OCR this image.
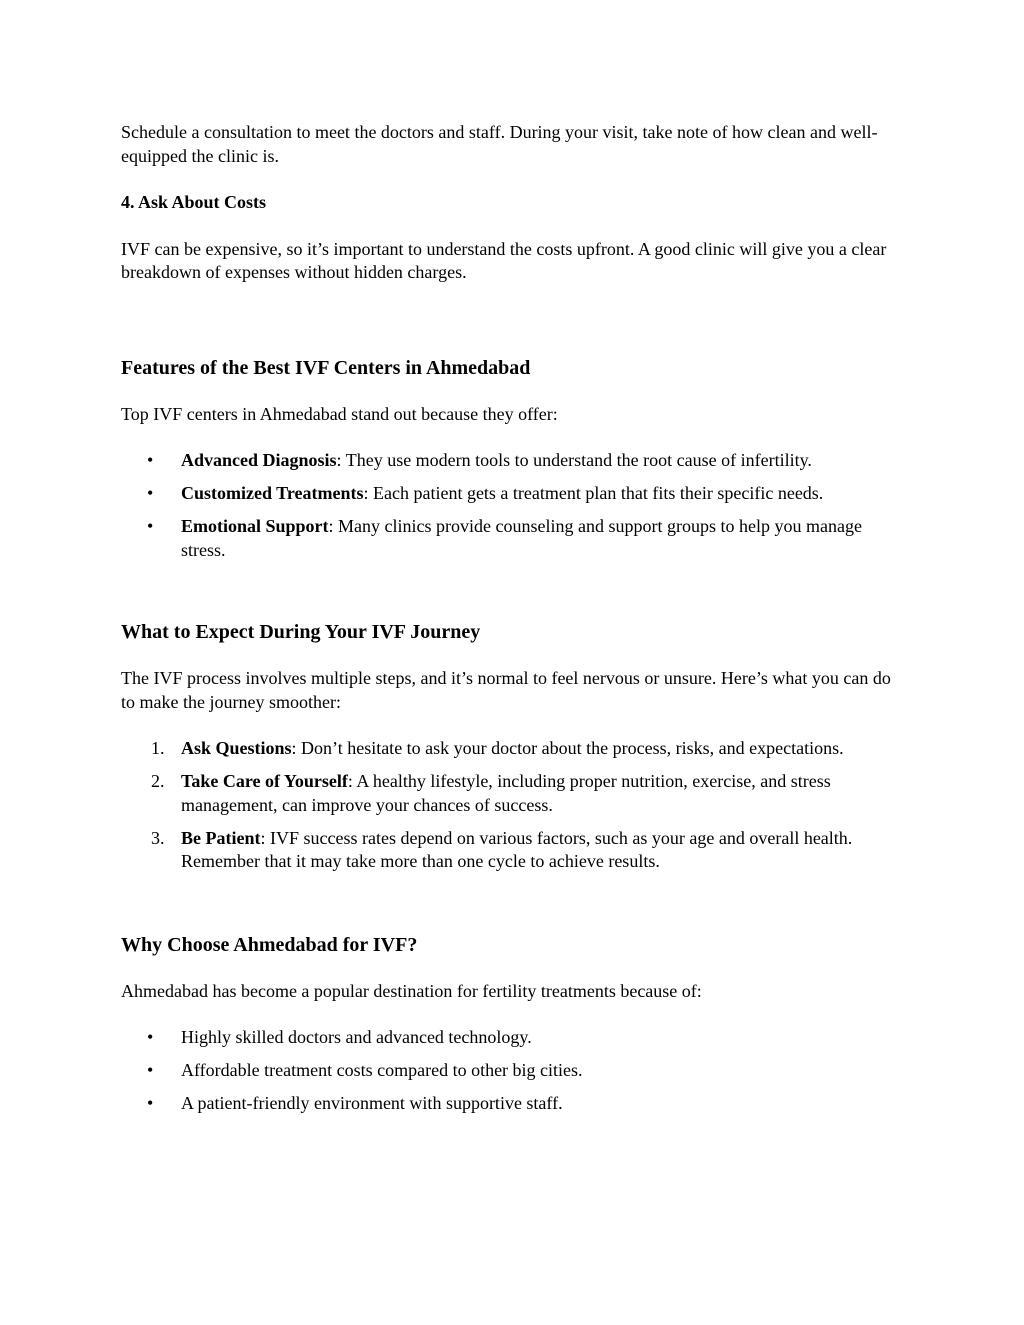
Schedule a consultation to meet the doctors and staff. During your visit, take note of how clean and well-equipped the clinic is.

4. Ask About Costs

IVF can be expensive, so it’s important to understand the costs upfront. A good clinic will give you a clear breakdown of expenses without hidden charges.

Features of the Best IVF Centers in Ahmedabad

Top IVF centers in Ahmedabad stand out because they offer:

• Advanced Diagnosis: They use modern tools to understand the root cause of infertility.
• Customized Treatments: Each patient gets a treatment plan that fits their specific needs.
• Emotional Support: Many clinics provide counseling and support groups to help you manage stress.
What to Expect During Your IVF Journey

The IVF process involves multiple steps, and it’s normal to feel nervous or unsure. Here’s what you can do to make the journey smoother:

1. Ask Questions: Don’t hesitate to ask your doctor about the process, risks, and expectations.
2. Take Care of Yourself: A healthy lifestyle, including proper nutrition, exercise, and stress management, can improve your chances of success.
3. Be Patient: IVF success rates depend on various factors, such as your age and overall health. Remember that it may take more than one cycle to achieve results.
Why Choose Ahmedabad for IVF?

Ahmedabad has become a popular destination for fertility treatments because of:

• Highly skilled doctors and advanced technology.
• Affordable treatment costs compared to other big cities.
• A patient-friendly environment with supportive staff.
